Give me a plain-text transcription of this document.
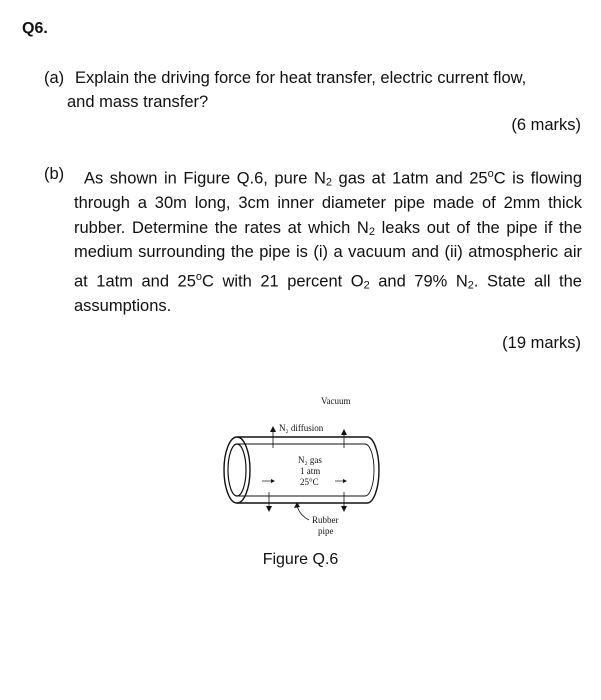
Q6.
(a) Explain the driving force for heat transfer, electric current flow,
and mass transfer?
(6 marks)
(b)	As shown in Figure Q.6, pure $N_2$ gas at 1atm and 25$^o$C is flowing through a 30m long, 3cm inner diameter pipe made of 2mm thick rubber. Determine the rates at which $N_2$ leaks out of the pipe if the medium surrounding the pipe is (i) a vacuum and (ii) atmospheric air at 1atm and 25$^o$C with 21 percent $O_2$ and 79% $N_2$. State all the assumptions.
(19 marks)
Vacuum
N₂ diffusion
N₂ gas
1 atm
25°C
Rubber
pipe
Figure Q.6
